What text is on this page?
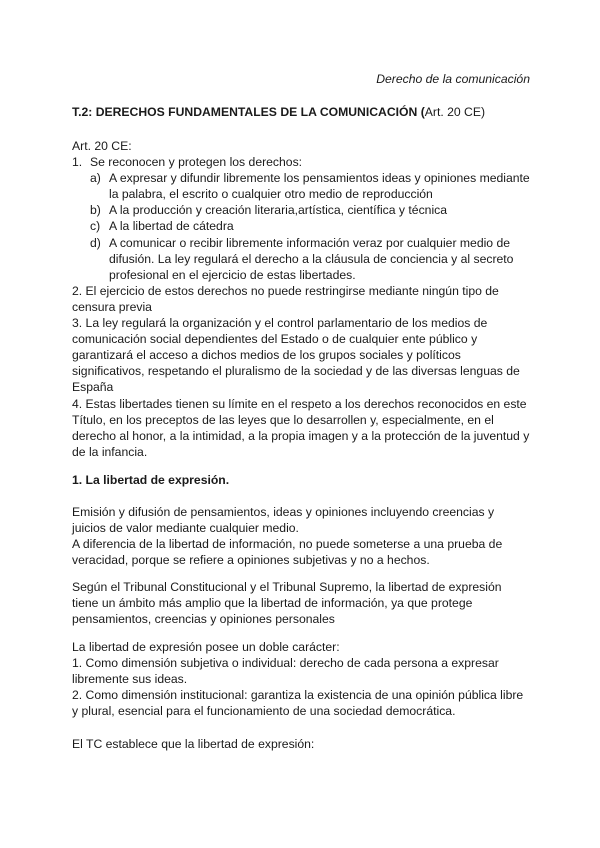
Derecho de la comunicación
T.2: DERECHOS FUNDAMENTALES DE LA COMUNICACIÓN (Art. 20 CE)

Art. 20 CE:

1. Se reconocen y protegen los derechos:
a) A expresar y difundir libremente los pensamientos ideas y opiniones mediante la palabra, el escrito o cualquier otro medio de reproducción
b) A la producción y creación literaria,artística, científica y técnica
c) A la libertad de cátedra
d) A comunicar o recibir libremente información veraz por cualquier medio de difusión. La ley regulará el derecho a la cláusula de conciencia y al secreto profesional en el ejercicio de estas libertades.

2. El ejercicio de estos derechos no puede restringirse mediante ningún tipo de censura previa

3. La ley regulará la organización y el control parlamentario de los medios de comunicación social dependientes del Estado o de cualquier ente público y garantizará el acceso a dichos medios de los grupos sociales y políticos significativos, respetando el pluralismo de la sociedad y de las diversas lenguas de España

4. Estas libertades tienen su límite en el respeto a los derechos reconocidos en este Título, en los preceptos de las leyes que lo desarrollen y, especialmente, en el derecho al honor, a la intimidad, a la propia imagen y a la protección de la juventud y de la infancia.

1. La libertad de expresión.

Emisión y difusión de pensamientos, ideas y opiniones incluyendo creencias y juicios de valor mediante cualquier medio.

A diferencia de la libertad de información, no puede someterse a una prueba de veracidad, porque se refiere a opiniones subjetivas y no a hechos.

Según el Tribunal Constitucional y el Tribunal Supremo, la libertad de expresión tiene un ámbito más amplio que la libertad de información, ya que protege pensamientos, creencias y opiniones personales

La libertad de expresión posee un doble carácter:

1. Como dimensión subjetiva o individual: derecho de cada persona a expresar libremente sus ideas.

2. Como dimensión institucional: garantiza la existencia de una opinión pública libre y plural, esencial para el funcionamiento de una sociedad democrática.

El TC establece que la libertad de expresión:
